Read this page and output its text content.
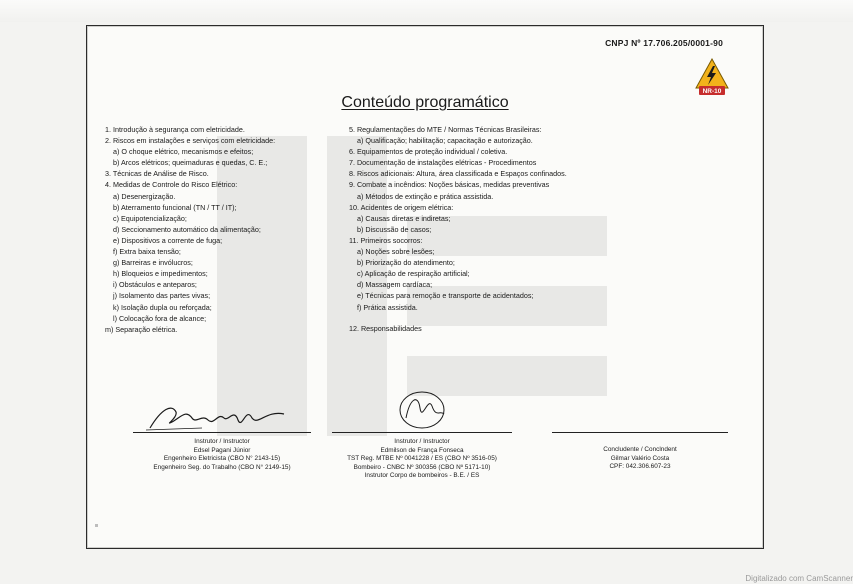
CNPJ Nº 17.706.205/0001-90
NR-10
Conteúdo programático
1. Introdução à segurança com eletricidade.
2. Riscos em instalações e serviços com eletricidade:
a) O choque elétrico, mecanismos e efeitos;
b) Arcos elétricos; queimaduras e quedas, C. E.;
3. Técnicas de Análise de Risco.
4. Medidas de Controle do Risco Elétrico:
a) Desenergização.
b) Aterramento funcional (TN / TT / IT);
c) Equipotencialização;
d) Seccionamento automático da alimentação;
e) Dispositivos a corrente de fuga;
f) Extra baixa tensão;
g) Barreiras e invólucros;
h) Bloqueios e impedimentos;
i) Obstáculos e anteparos;
j) Isolamento das partes vivas;
k) Isolação dupla ou reforçada;
l) Colocação fora de alcance;
m) Separação elétrica.
5. Regulamentações do MTE / Normas Técnicas Brasileiras:
a) Qualificação; habilitação; capacitação e autorização.
6. Equipamentos de proteção individual / coletiva.
7. Documentação de instalações elétricas - Procedimentos
8. Riscos adicionais: Altura, área classificada e Espaços confinados.
9. Combate a incêndios: Noções básicas, medidas preventivas
a) Métodos de extinção e prática assistida.
10. Acidentes de origem elétrica:
a) Causas diretas e indiretas;
b) Discussão de casos;
11. Primeiros socorros:
a) Noções sobre lesões;
b) Priorização do atendimento;
c) Aplicação de respiração artificial;
d) Massagem cardíaca;
e) Técnicas para remoção e transporte de acidentados;
f) Prática assistida.
12. Responsabilidades
Instrutor / Instructor
Edsel Pagani Júnior
Engenheiro Eletricista (CBO N° 2143-15)
Engenheiro Seg. do Trabalho (CBO N° 2149-15)
Instrutor / Instructor
Edmilson de França Fonseca
TST Reg. MTBE Nº 0041228 / ES (CBO Nº 3516-05)
Bombeiro - CNBC Nº 300356 (CBO Nº 5171-10)
Instrutor Corpo de bombeiros - B.E. / ES
Concludente / Conclndent
Gilmar Valério Costa
CPF: 042.306.607-23
Digitalizado com CamScanner
